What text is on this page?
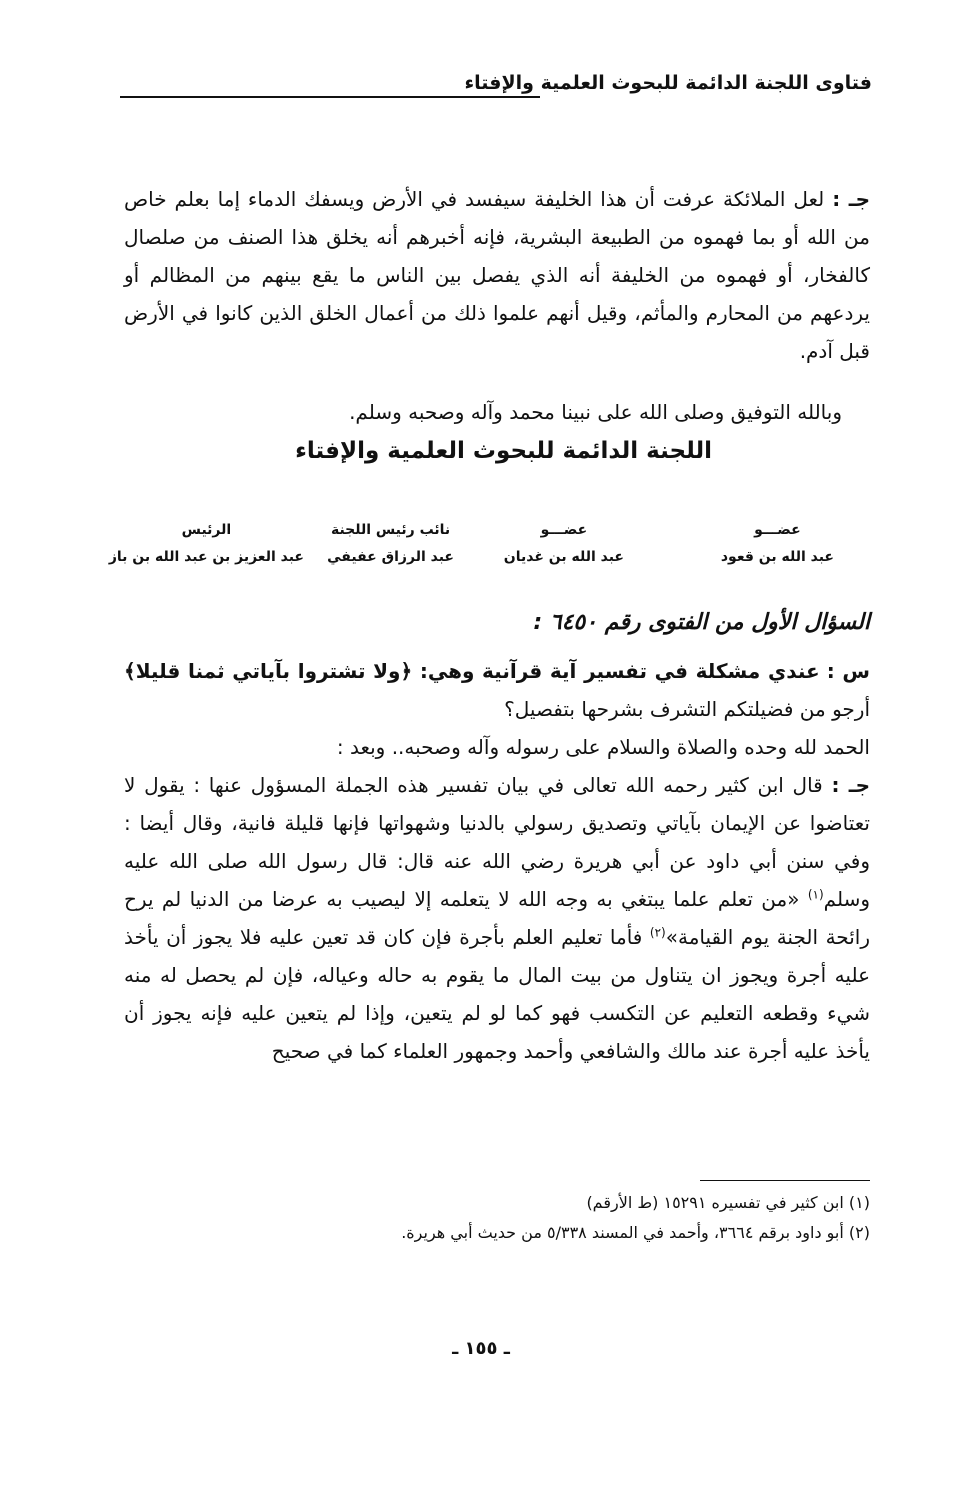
فتاوى اللجنة الدائمة للبحوث العلمية والإفتاء

جـ : لعل الملائكة عرفت أن هذا الخليفة سيفسد في الأرض ويسفك الدماء إما بعلم خاص من الله أو بما فهموه من الطبيعة البشرية، فإنه أخبرهم أنه يخلق هذا الصنف من صلصال كالفخار، أو فهموه من الخليفة أنه الذي يفصل بين الناس ما يقع بينهم من المظالم أو يردعهم من المحارم والمأثم، وقيل أنهم علموا ذلك من أعمال الخلق الذين كانوا في الأرض قبل آدم.

وبالله التوفيق وصلى الله على نبينا محمد وآله وصحبه وسلم.
اللجنة الدائمة للبحوث العلمية والإفتاء
عضـــو
عبد الله بن قعود
عضـــو
عبد الله بن غديان
نائب رئيس اللجنة
عبد الرزاق عفيفي
الرئيس
عبد العزيز بن عبد الله بن باز
السؤال الأول من الفتوى رقم ٦٤٥٠ :

س : عندي مشكلة في تفسير آية قرآنية وهي: ﴿ولا تشتروا بآياتي ثمنا قليلا﴾ أرجو من فضيلتكم التشرف بشرحها بتفصيل؟

الحمد لله وحده والصلاة والسلام على رسوله وآله وصحبه.. وبعد :

جـ : قال ابن كثير رحمه الله تعالى في بيان تفسير هذه الجملة المسؤول عنها : يقول لا تعتاضوا عن الإيمان بآياتي وتصديق رسولي بالدنيا وشهواتها فإنها قليلة فانية، وقال أيضا : وفي سنن أبي داود عن أبي هريرة رضي الله عنه قال: قال رسول الله صلى الله عليه وسلم$^{(١)}$ «من تعلم علما يبتغي به وجه الله لا يتعلمه إلا ليصيب به عرضا من الدنيا لم يرح رائحة الجنة يوم القيامة»$^{(٢)}$ فأما تعليم العلم بأجرة فإن كان قد تعين عليه فلا يجوز أن يأخذ عليه أجرة ويجوز ان يتناول من بيت المال ما يقوم به حاله وعياله، فإن لم يحصل له منه شيء وقطعه التعليم عن التكسب فهو كما لو لم يتعين، وإذا لم يتعين عليه فإنه يجوز أن يأخذ عليه أجرة عند مالك والشافعي وأحمد وجمهور العلماء كما في صحيح

(١) ابن كثير في تفسيره ١٥٢٩١ (ط الأرقم)

(٢) أبو داود برقم ٣٦٦٤، وأحمد في المسند ٥/٣٣٨ من حديث أبي هريرة.

ـ ١٥٥ ـ
